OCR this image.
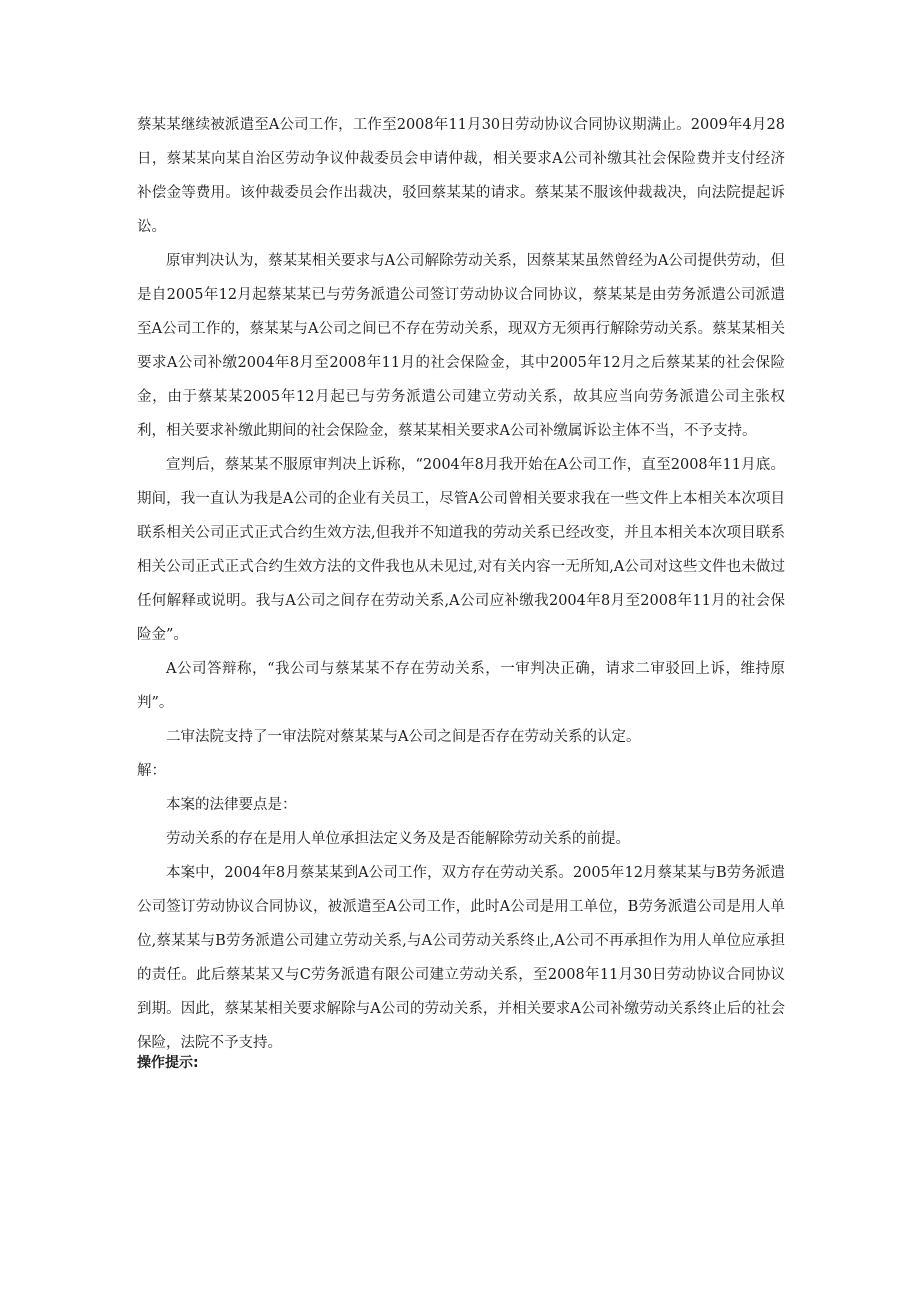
蔡某某继续被派遣至A公司工作，工作至2008年11月30日劳动协议合同协议期满止。2009年4月28日，蔡某某向某自治区劳动争议仲裁委员会申请仲裁，相关要求A公司补缴其社会保险费并支付经济补偿金等费用。该仲裁委员会作出裁决，驳回蔡某某的请求。蔡某某不服该仲裁裁决，向法院提起诉讼。

原审判决认为，蔡某某相关要求与A公司解除劳动关系，因蔡某某虽然曾经为A公司提供劳动，但是自2005年12月起蔡某某已与劳务派遣公司签订劳动协议合同协议，蔡某某是由劳务派遣公司派遣至A公司工作的，蔡某某与A公司之间已不存在劳动关系，现双方无须再行解除劳动关系。蔡某某相关要求A公司补缴2004年8月至2008年11月的社会保险金，其中2005年12月之后蔡某某的社会保险金，由于蔡某某2005年12月起已与劳务派遣公司建立劳动关系，故其应当向劳务派遣公司主张权利，相关要求补缴此期间的社会保险金，蔡某某相关要求A公司补缴属诉讼主体不当，不予支持。

宣判后，蔡某某不服原审判决上诉称，“2004年8月我开始在A公司工作，直至2008年11月底。期间，我一直认为我是A公司的企业有关员工，尽管A公司曾相关要求我在一些文件上本相关本次项目联系相关公司正式正式合约生效方法,但我并不知道我的劳动关系已经改变，并且本相关本次项目联系相关公司正式正式合约生效方法的文件我也从未见过,对有关内容一无所知,A公司对这些文件也未做过任何解释或说明。我与A公司之间存在劳动关系,A公司应补缴我2004年8月至2008年11月的社会保险金”。

A公司答辩称，“我公司与蔡某某不存在劳动关系，一审判决正确，请求二审驳回上诉，维持原判”。

二审法院支持了一审法院对蔡某某与A公司之间是否存在劳动关系的认定。

解：

本案的法律要点是：

劳动关系的存在是用人单位承担法定义务及是否能解除劳动关系的前提。

本案中，2004年8月蔡某某到A公司工作，双方存在劳动关系。2005年12月蔡某某与B劳务派遣公司签订劳动协议合同协议，被派遣至A公司工作，此时A公司是用工单位，B劳务派遣公司是用人单位,蔡某某与B劳务派遣公司建立劳动关系,与A公司劳动关系终止,A公司不再承担作为用人单位应承担的责任。此后蔡某某又与C劳务派遣有限公司建立劳动关系，至2008年11月30日劳动协议合同协议到期。因此，蔡某某相关要求解除与A公司的劳动关系，并相关要求A公司补缴劳动关系终止后的社会保险，法院不予支持。

操作提示:
